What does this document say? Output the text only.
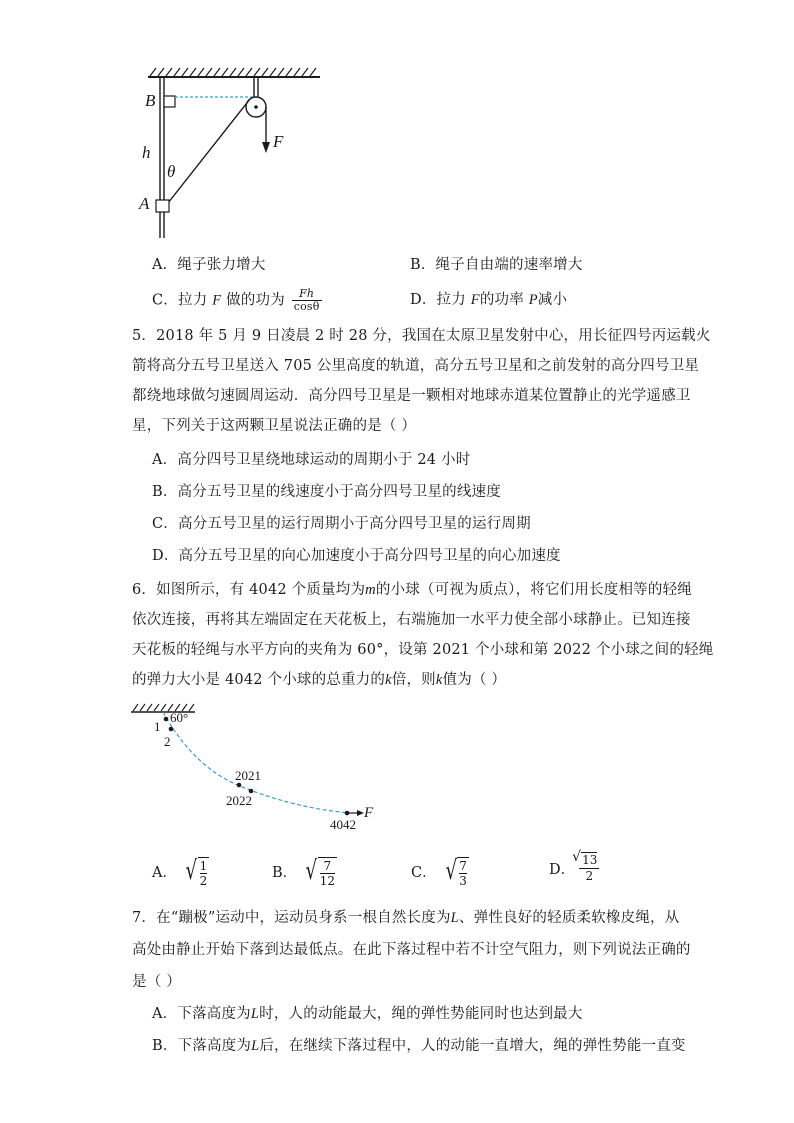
B
h
θ
A
F
A．绳子张力增大	B．绳子自由端的速率增大
C．拉力 F 做的功为 $\frac{Fh}{\cos\theta}$	D．拉力 F的功率 P减小
5．2018 年 5 月 9 日凌晨 2 时 28 分，我国在太原卫星发射中心，用长征四号丙运载火
箭将高分五号卫星送入 705 公里高度的轨道，高分五号卫星和之前发射的高分四号卫星
都绕地球做匀速圆周运动．高分四号卫星是一颗相对地球赤道某位置静止的光学遥感卫
星，下列关于这两颗卫星说法正确的是（ ）
A．高分四号卫星绕地球运动的周期小于 24 小时
B．高分五号卫星的线速度小于高分四号卫星的线速度
C．高分五号卫星的运行周期小于高分四号卫星的运行周期
D．高分五号卫星的向心加速度小于高分四号卫星的向心加速度
6．如图所示，有 4042 个质量均为m的小球（可视为质点），将它们用长度相等的轻绳
依次连接，再将其左端固定在天花板上，右端施加一水平力使全部小球静止。已知连接
天花板的轻绳与水平方向的夹角为 60°，设第 2021 个小球和第 2022 个小球之间的轻绳
的弹力大小是 4042 个小球的总重力的k倍，则k值为（ ）
60°
1
2
2021
2022
4042
F
A． √ $\frac{1}{2}$	B． √ $\frac{7}{12}$	C． √ $\frac{7}{3}$	D．
√ $\frac{13}{2}$
7．在“蹦极”运动中，运动员身系一根自然长度为L、弹性良好的轻质柔软橡皮绳，从
高处由静止开始下落到达最低点。在此下落过程中若不计空气阻力，则下列说法正确的
是（ ）
A．下落高度为L时，人的动能最大，绳的弹性势能同时也达到最大
B．下落高度为L后，在继续下落过程中，人的动能一直增大，绳的弹性势能一直变
